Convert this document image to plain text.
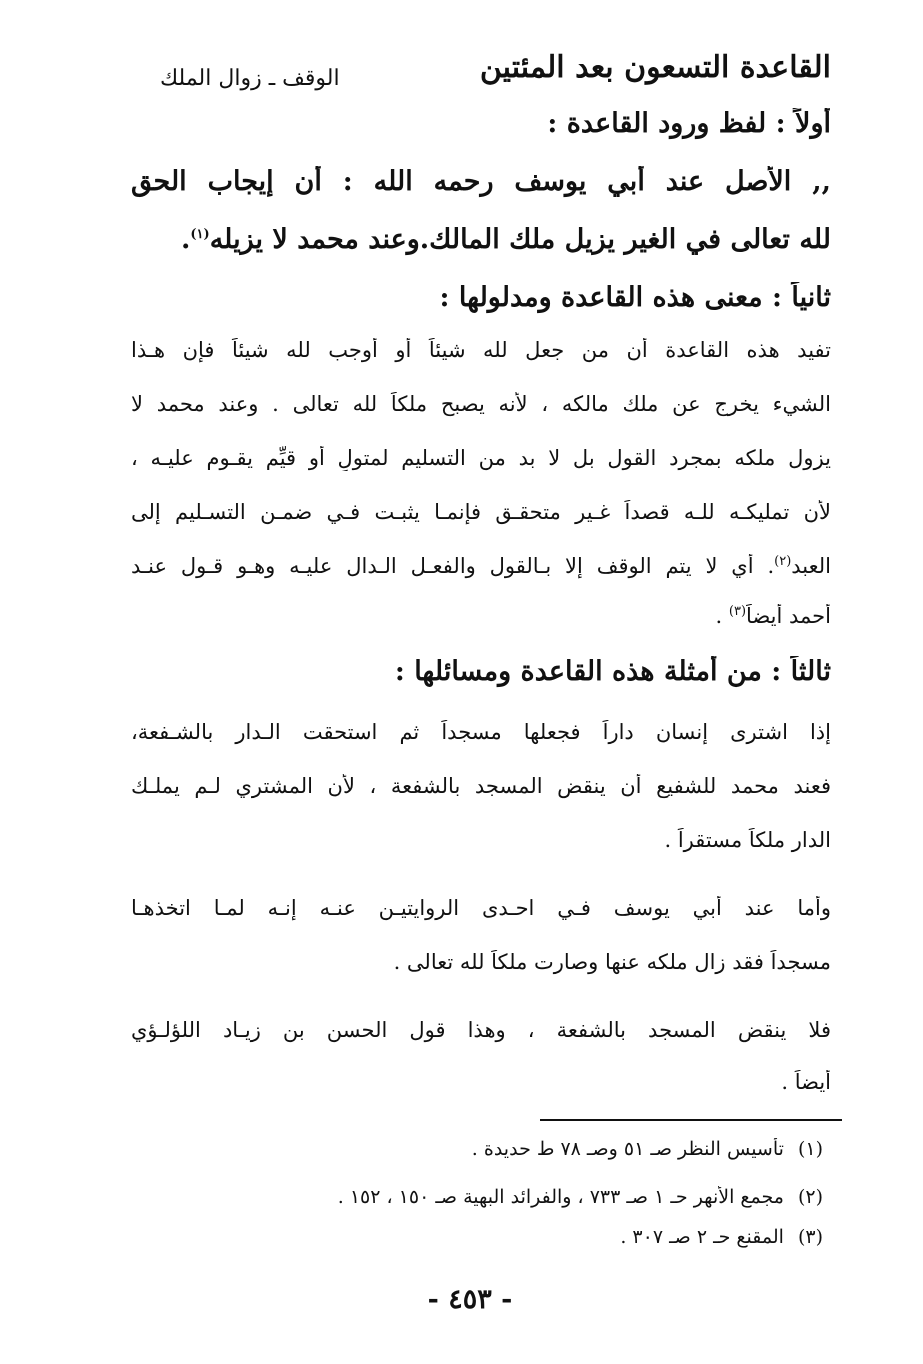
القاعدة التسعون بعد المئتين
الوقف ـ زوال الملك
أولاً : لفظ ورود القاعدة :
,, الأصل عند أبي يوسف رحمه الله : أن إيجاب الحق
لله تعالى في الغير يزيل ملك المالك.وعند محمد لا يزيله$^{(١)}$.
ثانياً : معنى هذه القاعدة ومدلولها :
تفيد هذه القاعدة أن من جعل لله شيئاً أو أوجب لله شيئاً فإن هـذا
الشيء يخرج عن ملك مالكه ، لأنه يصبح ملكاً لله تعالى . وعند محمد لا
يزول ملكه بمجرد القول بل لا بد من التسليم لمتولٍ أو قيِّم يقـوم عليـه ،
لأن تمليكـه للـه قصداً غـير متحقـق فإنمـا يثبـت فـي ضمـن التسـليم إلى
العبد$^{(٢)}$. أي لا يتم الوقف إلا بـالقول والفعـل الـدال عليـه وهـو قـول عنـد
أحمد أيضاً$^{(٣)}$ .
ثالثاً : من أمثلة هذه القاعدة ومسائلها :
إذا اشترى إنسان داراً فجعلها مسجداً ثم استحقت الـدار بالشـفعة،
فعند محمد للشفيع أن ينقض المسجد بالشفعة ، لأن المشتري لـم يملـك
الدار ملكاً مستقراً .
وأما عند أبي يوسف فـي احـدى الروايتيـن عنـه إنـه لمـا اتخذهـا
مسجداً فقد زال ملكه عنها وصارت ملكاً لله تعالى .
فلا ينقض المسجد بالشفعة ، وهذا قول الحسن بن زيـاد اللؤلـؤي
أيضاً .
(١)تأسيس النظر صـ ٥١ وصـ ٧٨ ط حديدة .
(٢)مجمع الأنهر حـ ١ صـ ٧٣٣ ، والفرائد البهية صـ ١٥٠ ، ١٥٢ .
(٣)المقنع حـ ٢ صـ ٣٠٧ .
- ٤٥٣ -
